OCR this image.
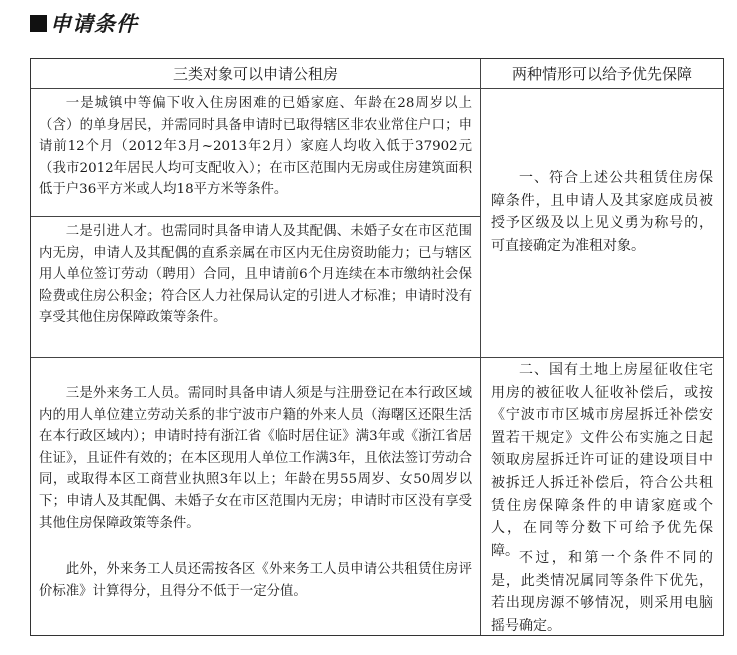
申请条件
三类对象可以申请公租房	两种情形可以给予优先保障

一是城镇中等偏下收入住房困难的已婚家庭、年龄在28周岁以上（含）的单身居民，并需同时具备申请时已取得辖区非农业常住户口；申请前12个月（2012年3月~2013年2月）家庭人均收入低于37902元（我市2012年居民人均可支配收入）；在市区范围内无房或住房建筑面积低于户36平方米或人均18平方米等条件。

二是引进人才。也需同时具备申请人及其配偶、未婚子女在市区范围内无房，申请人及其配偶的直系亲属在市区内无住房资助能力；已与辖区用人单位签订劳动（聘用）合同，且申请前6个月连续在本市缴纳社会保险费或住房公积金；符合区人力社保局认定的引进人才标准；申请时没有享受其他住房保障政策等条件。

三是外来务工人员。需同时具备申请人须是与注册登记在本行政区域内的用人单位建立劳动关系的非宁波市户籍的外来人员（海曙区还限生活在本行政区域内）；申请时持有浙江省《临时居住证》满3年或《浙江省居住证》，且证件有效的；在本区现用人单位工作满3年，且依法签订劳动合同，或取得本区工商营业执照3年以上；年龄在男55周岁、女50周岁以下；申请人及其配偶、未婚子女在市区范围内无房；申请时市区没有享受其他住房保障政策等条件。

此外，外来务工人员还需按各区《外来务工人员申请公共租赁住房评价标准》计算得分，且得分不低于一定分值。

一、符合上述公共租赁住房保障条件，且申请人及其家庭成员被授予区级及以上见义勇为称号的，可直接确定为准租对象。

二、国有土地上房屋征收住宅用房的被征收人征收补偿后，或按《宁波市市区城市房屋拆迁补偿安置若干规定》文件公布实施之日起领取房屋拆迁许可证的建设项目中被拆迁人拆迁补偿后，符合公共租赁住房保障条件的申请家庭或个人，在同等分数下可给予优先保障。 不过，和第一个条件不同的是，此类情况属同等条件下优先，若出现房源不够情况，则采用电脑摇号确定。
